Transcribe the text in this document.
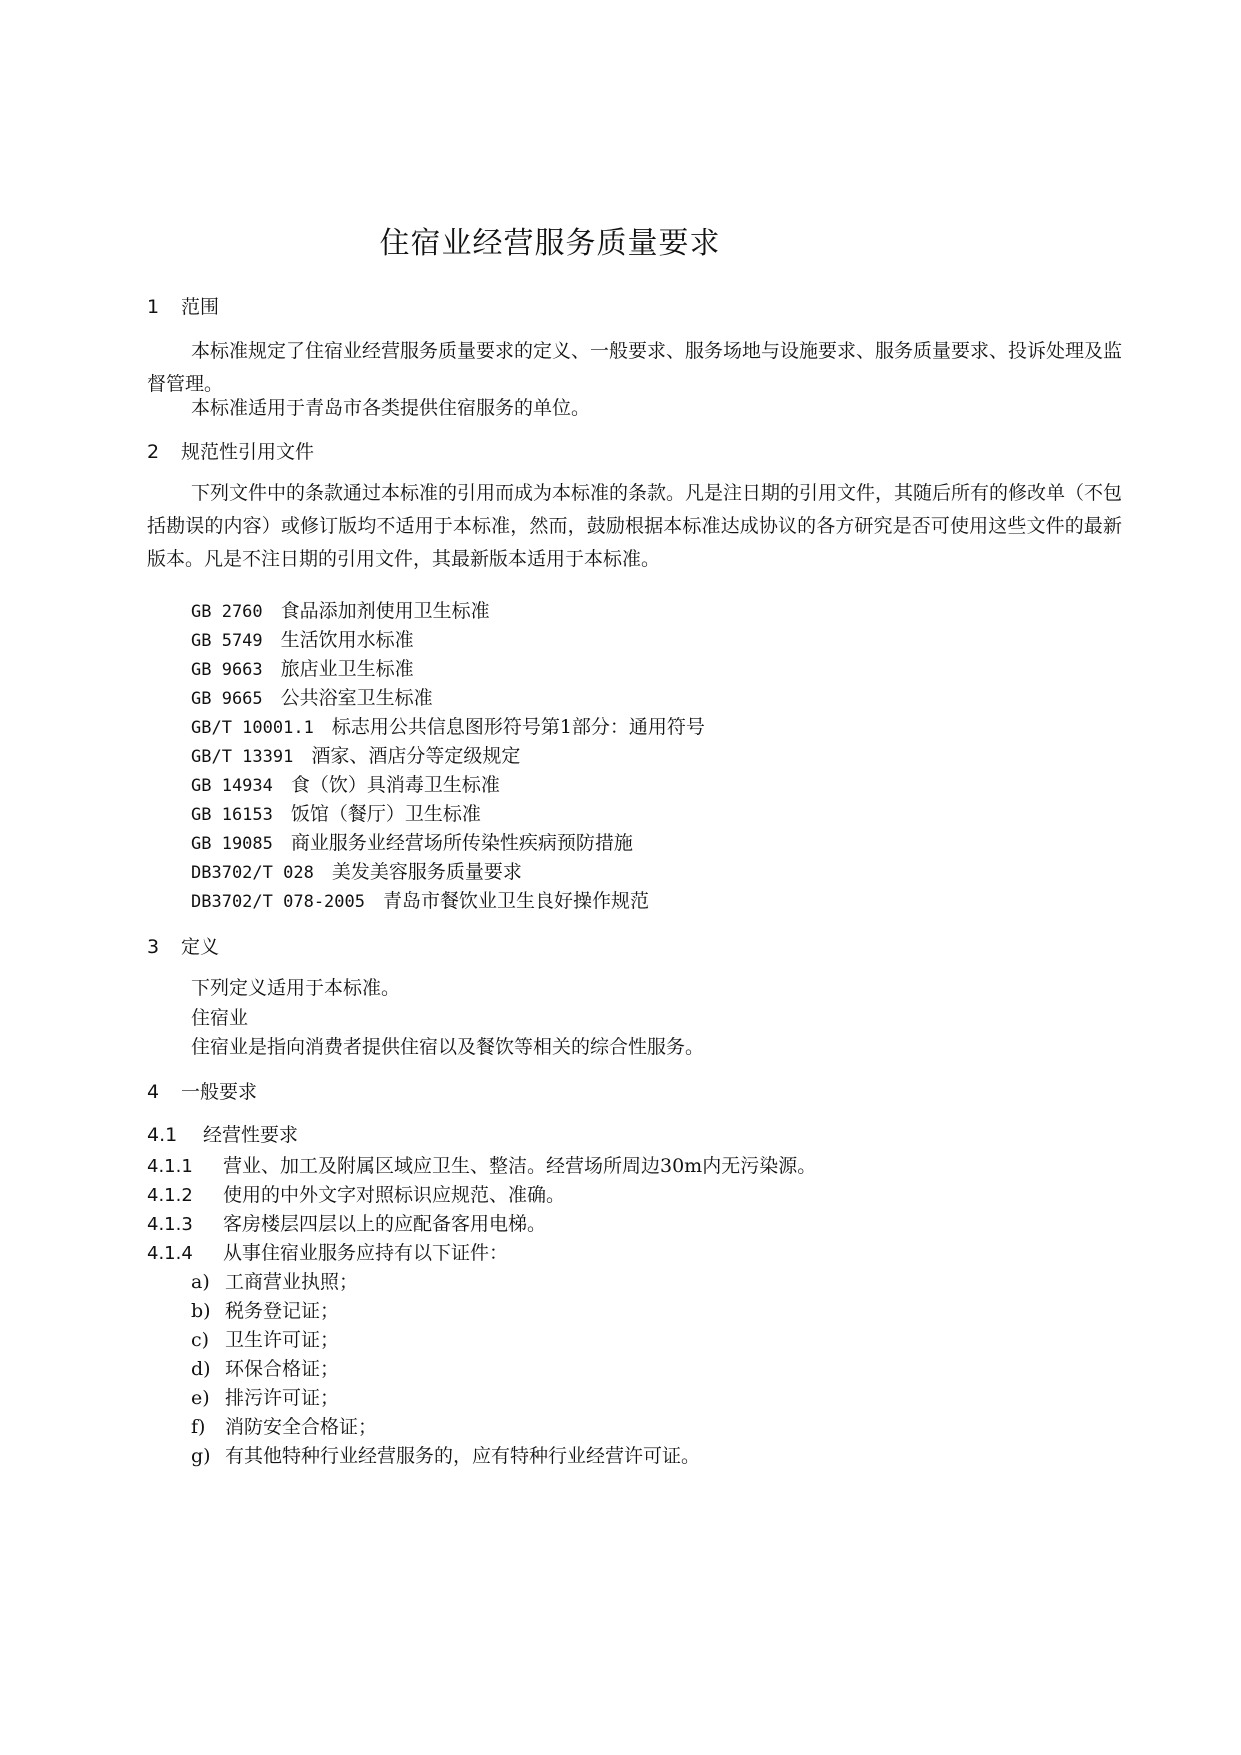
住宿业经营服务质量要求
1 范围
本标准规定了住宿业经营服务质量要求的定义、一般要求、服务场地与设施要求、服务质量要求、投诉处理及监督管理。
本标准适用于青岛市各类提供住宿服务的单位。
2 规范性引用文件
下列文件中的条款通过本标准的引用而成为本标准的条款。凡是注日期的引用文件，其随后所有的修改单（不包括勘误的内容）或修订版均不适用于本标准，然而，鼓励根据本标准达成协议的各方研究是否可使用这些文件的最新版本。凡是不注日期的引用文件，其最新版本适用于本标准。
GB 2760 食品添加剂使用卫生标准
GB 5749 生活饮用水标准
GB 9663 旅店业卫生标准
GB 9665 公共浴室卫生标准
GB/T 10001.1 标志用公共信息图形符号第1部分：通用符号
GB/T 13391 酒家、酒店分等定级规定
GB 14934 食（饮）具消毒卫生标准
GB 16153 饭馆（餐厅）卫生标准
GB 19085 商业服务业经营场所传染性疾病预防措施
DB3702/T 028 美发美容服务质量要求
DB3702/T 078-2005 青岛市餐饮业卫生良好操作规范
3 定义
下列定义适用于本标准。
住宿业
住宿业是指向消费者提供住宿以及餐饮等相关的综合性服务。
4 一般要求
4.1 经营性要求
4.1.1 营业、加工及附属区域应卫生、整洁。经营场所周边30m内无污染源。
4.1.2 使用的中外文字对照标识应规范、准确。
4.1.3 客房楼层四层以上的应配备客用电梯。
4.1.4 从事住宿业服务应持有以下证件：
a) 工商营业执照；
b) 税务登记证；
c) 卫生许可证；
d) 环保合格证；
e) 排污许可证；
f) 消防安全合格证；
g) 有其他特种行业经营服务的，应有特种行业经营许可证。
